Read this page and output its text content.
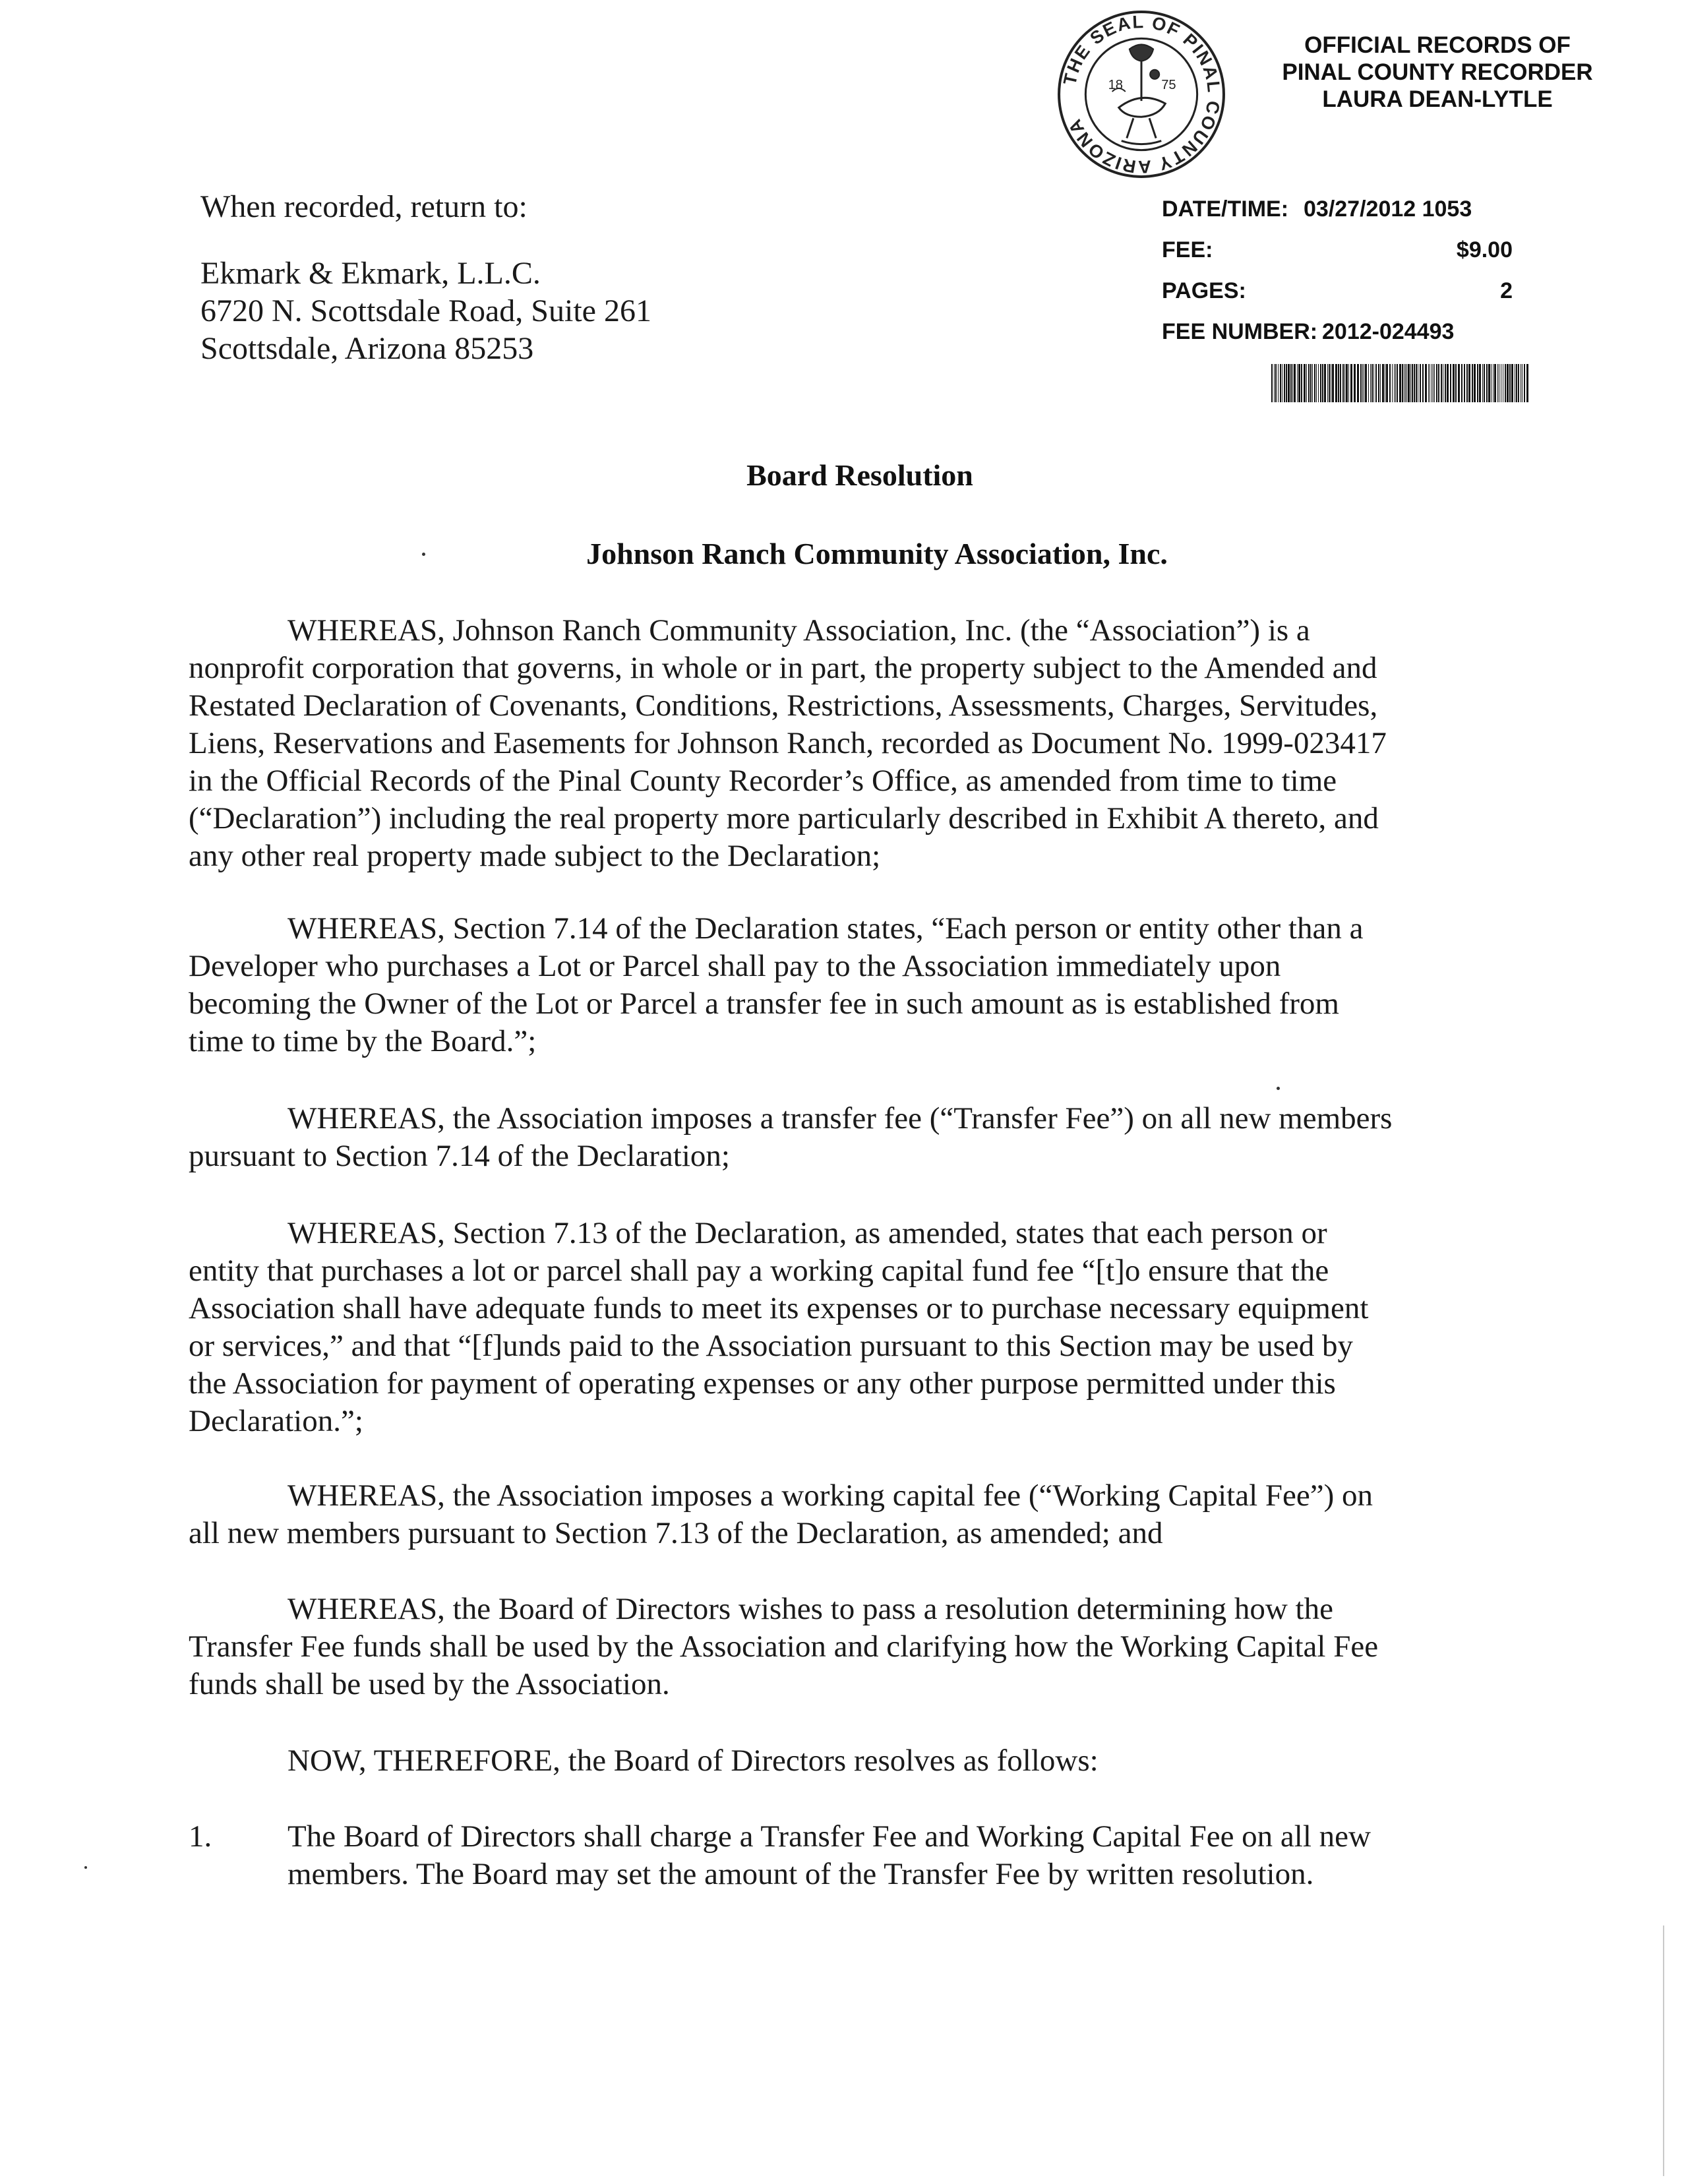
THE SEAL OF PINAL COUNTY ARIZONA
18	75
OFFICIAL RECORDS OF
PINAL COUNTY RECORDER
LAURA DEAN-LYTLE
DATE/TIME: 03/27/2012 1053
FEE:	$9.00
PAGES:	2
FEE NUMBER: 2012-024493
When recorded, return to:
Ekmark & Ekmark, L.L.C.
6720 N. Scottsdale Road, Suite 261
Scottsdale, Arizona 85253
Board Resolution
Johnson Ranch Community Association, Inc.
WHEREAS, Johnson Ranch Community Association, Inc. (the “Association”) is a
nonprofit corporation that governs, in whole or in part, the property subject to the Amended and
Restated Declaration of Covenants, Conditions, Restrictions, Assessments, Charges, Servitudes,
Liens, Reservations and Easements for Johnson Ranch, recorded as Document No. 1999-023417
in the Official Records of the Pinal County Recorder’s Office, as amended from time to time
(“Declaration”) including the real property more particularly described in Exhibit A thereto, and
any other real property made subject to the Declaration;
WHEREAS, Section 7.14 of the Declaration states, “Each person or entity other than a
Developer who purchases a Lot or Parcel shall pay to the Association immediately upon
becoming the Owner of the Lot or Parcel a transfer fee in such amount as is established from
time to time by the Board.”;
WHEREAS, the Association imposes a transfer fee (“Transfer Fee”) on all new members
pursuant to Section 7.14 of the Declaration;
WHEREAS, Section 7.13 of the Declaration, as amended, states that each person or
entity that purchases a lot or parcel shall pay a working capital fund fee “[t]o ensure that the
Association shall have adequate funds to meet its expenses or to purchase necessary equipment
or services,” and that “[f]unds paid to the Association pursuant to this Section may be used by
the Association for payment of operating expenses or any other purpose permitted under this
Declaration.”;
WHEREAS, the Association imposes a working capital fee (“Working Capital Fee”) on
all new members pursuant to Section 7.13 of the Declaration, as amended; and
WHEREAS, the Board of Directors wishes to pass a resolution determining how the
Transfer Fee funds shall be used by the Association and clarifying how the Working Capital Fee
funds shall be used by the Association.
NOW, THEREFORE, the Board of Directors resolves as follows:
1. The Board of Directors shall charge a Transfer Fee and Working Capital Fee on all new
members. The Board may set the amount of the Transfer Fee by written resolution.
